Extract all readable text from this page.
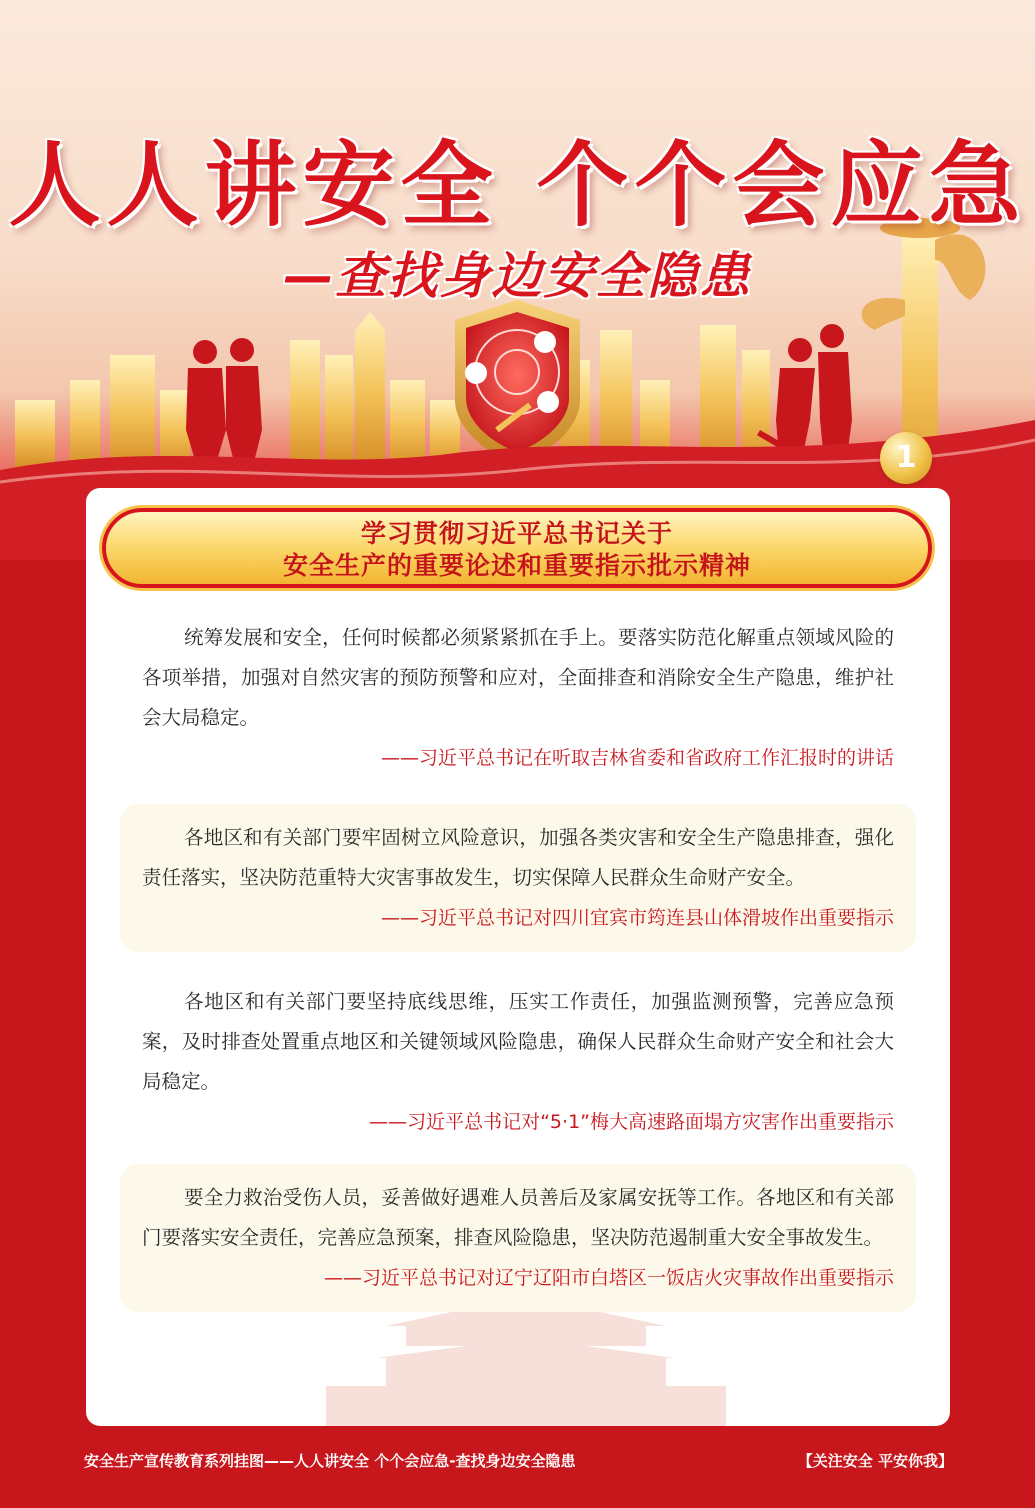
人人讲安全 个个会应急
—查找身边安全隐患
1
学习贯彻习近平总书记关于
安全生产的重要论述和重要指示批示精神

统筹发展和安全，任何时候都必须紧紧抓在手上。要落实防范化解重点领域风险的各项举措，加强对自然灾害的预防预警和应对，全面排查和消除安全生产隐患，维护社会大局稳定。

——习近平总书记在听取吉林省委和省政府工作汇报时的讲话

各地区和有关部门要牢固树立风险意识，加强各类灾害和安全生产隐患排查，强化责任落实，坚决防范重特大灾害事故发生，切实保障人民群众生命财产安全。

——习近平总书记对四川宜宾市筠连县山体滑坡作出重要指示

各地区和有关部门要坚持底线思维，压实工作责任，加强监测预警，完善应急预案，及时排查处置重点地区和关键领域风险隐患，确保人民群众生命财产安全和社会大局稳定。

——习近平总书记对“5·1”梅大高速路面塌方灾害作出重要指示

要全力救治受伤人员，妥善做好遇难人员善后及家属安抚等工作。各地区和有关部门要落实安全责任，完善应急预案，排查风险隐患，坚决防范遏制重大安全事故发生。

——习近平总书记对辽宁辽阳市白塔区一饭店火灾事故作出重要指示
安全生产宣传教育系列挂图——人人讲安全 个个会应急-查找身边安全隐患	【关注安全 平安你我】
